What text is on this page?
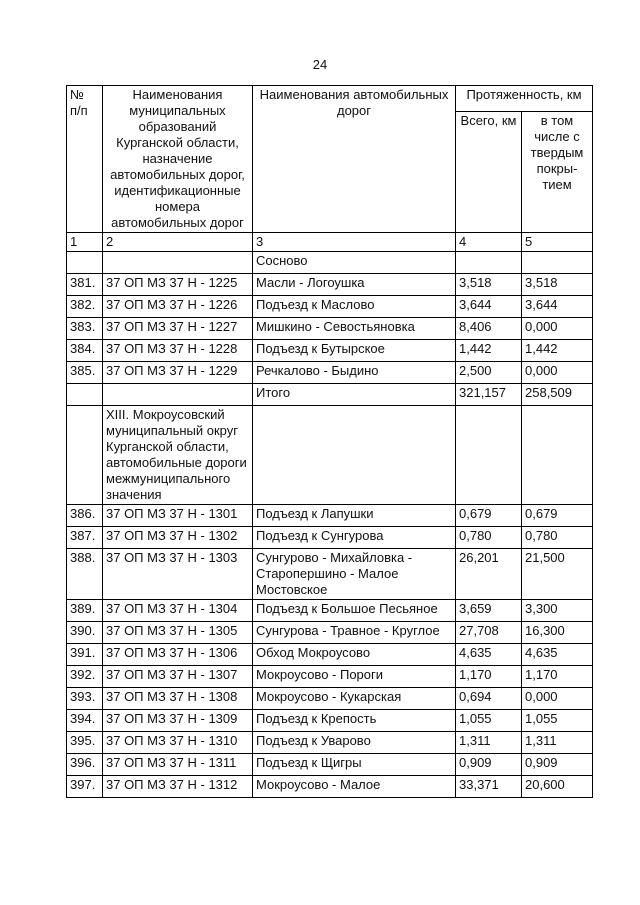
24
№
п/п	Наименования муниципальных образований Курганской области, назначение автомобильных дорог, идентификационные номера автомобильных дорог	Наименования автомобильных дорог	Протяженность, км	
			Всего, км	в том числе с твердым покры-тием
1	2	3	4	5
		Сосново		
381.	37 ОП МЗ 37 Н - 1225	Масли - Логоушка	3,518	3,518
382.	37 ОП МЗ 37 Н - 1226	Подъезд к Маслово	3,644	3,644
383.	37 ОП МЗ 37 Н - 1227	Мишкино - Севостьяновка	8,406	0,000
384.	37 ОП МЗ 37 Н - 1228	Подъезд к Бутырское	1,442	1,442
385.	37 ОП МЗ 37 Н - 1229	Речкалово - Быдино	2,500	0,000
		Итого	321,157	258,509
	XIII. Мокроусовский муниципальный округ Курганской области, автомобильные дороги межмуниципального значения			
386.	37 ОП МЗ 37 Н - 1301	Подъезд к Лапушки	0,679	0,679
387.	37 ОП МЗ 37 Н - 1302	Подъезд к Сунгурова	0,780	0,780
388.	37 ОП МЗ 37 Н - 1303	Сунгурово - Михайловка - Старопершино - Малое Мостовское	26,201	21,500
389.	37 ОП МЗ 37 Н - 1304	Подъезд к Большое Песьяное	3,659	3,300
390.	37 ОП МЗ 37 Н - 1305	Сунгурова - Травное - Круглое	27,708	16,300
391.	37 ОП МЗ 37 Н - 1306	Обход Мокроусово	4,635	4,635
392.	37 ОП МЗ 37 Н - 1307	Мокроусово - Пороги	1,170	1,170
393.	37 ОП МЗ 37 Н - 1308	Мокроусово - Кукарская	0,694	0,000
394.	37 ОП МЗ 37 Н - 1309	Подъезд к Крепость	1,055	1,055
395.	37 ОП МЗ 37 Н - 1310	Подъезд к Уварово	1,311	1,311
396.	37 ОП МЗ 37 Н - 1311	Подъезд к Щигры	0,909	0,909
397.	37 ОП МЗ 37 Н - 1312	Мокроусово - Малое	33,371	20,600
